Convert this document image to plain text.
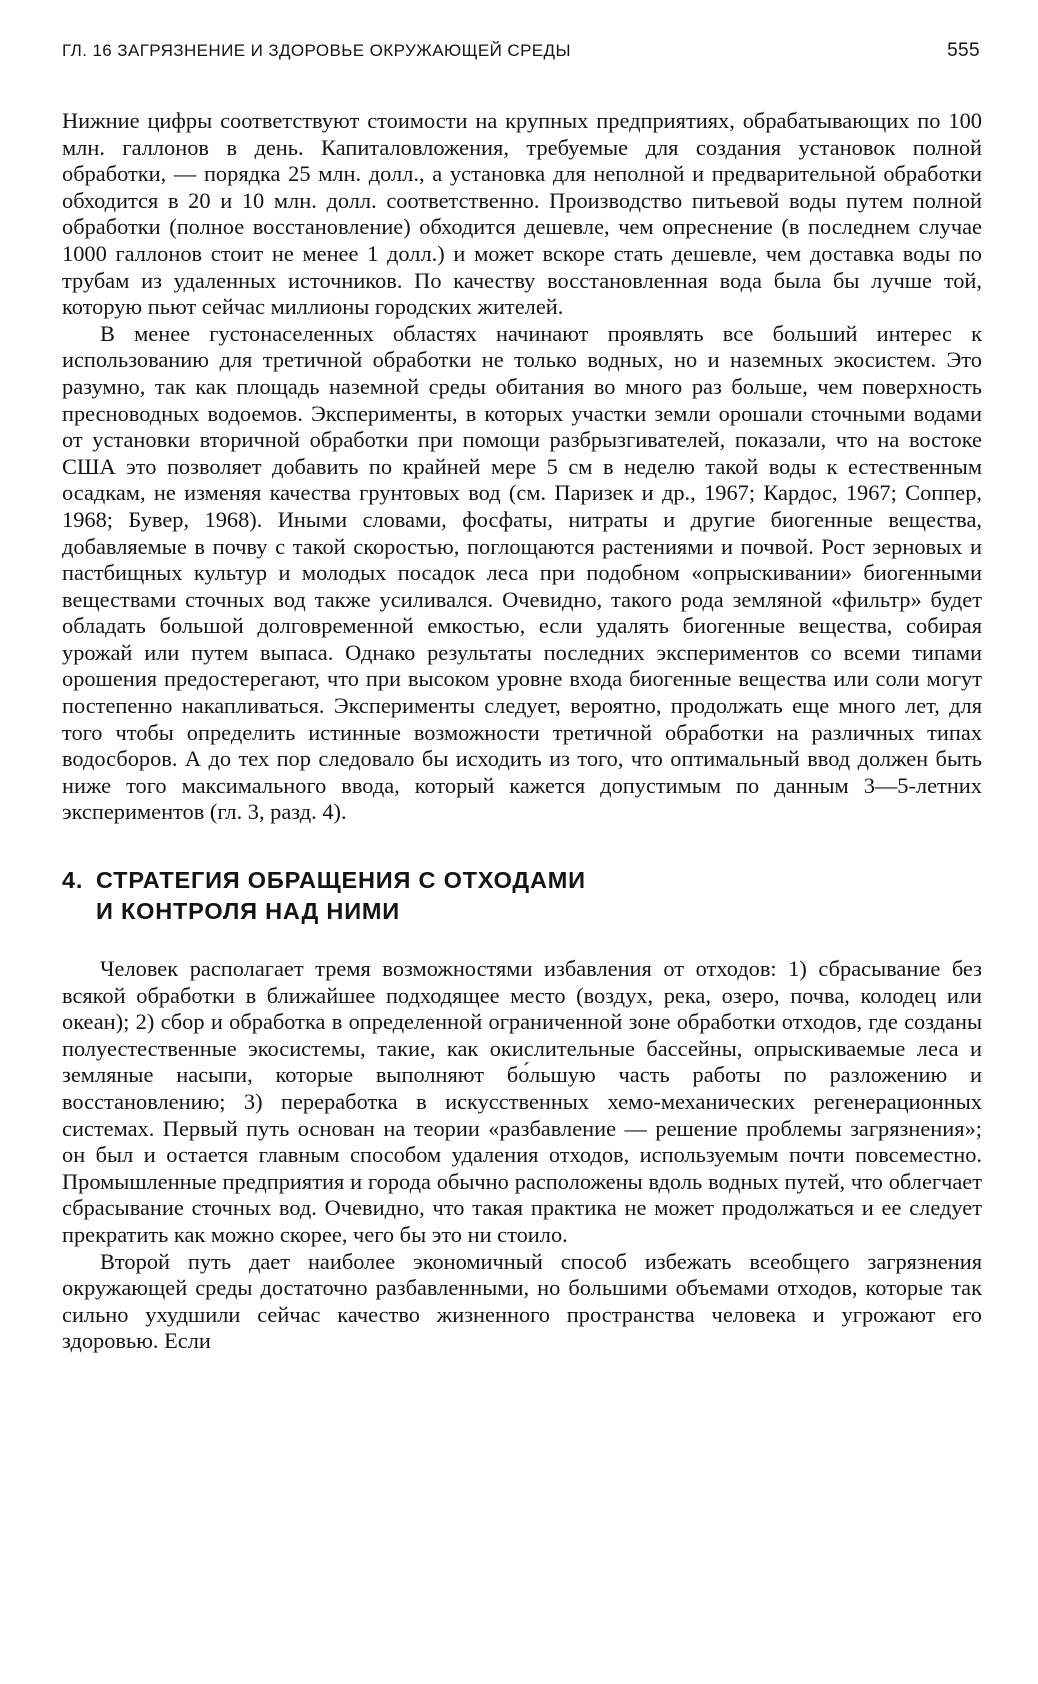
ГЛ. 16 ЗАГРЯЗНЕНИЕ И ЗДОРОВЬЕ ОКРУЖАЮЩЕЙ СРЕДЫ	555

Нижние цифры соответствуют стоимости на крупных предприятиях, обрабатывающих по 100 млн. галлонов в день. Капиталовложения, требуемые для создания установок полной обработки, — порядка 25 млн. долл., а установка для неполной и предварительной обработки обходится в 20 и 10 млн. долл. соответственно. Производство питьевой воды путем полной обработки (полное восстановление) обходится дешевле, чем опреснение (в последнем случае 1000 галлонов стоит не менее 1 долл.) и может вскоре стать дешевле, чем доставка воды по трубам из удаленных источников. По качеству восстановленная вода была бы лучше той, которую пьют сейчас миллионы городских жителей.

В менее густонаселенных областях начинают проявлять все больший интерес к использованию для третичной обработки не только водных, но и наземных экосистем. Это разумно, так как площадь наземной среды обитания во много раз больше, чем поверхность пресноводных водоемов. Эксперименты, в которых участки земли орошали сточными водами от установки вторичной обработки при помощи разбрызгивателей, показали, что на востоке США это позволяет добавить по крайней мере 5 см в неделю такой воды к естественным осадкам, не изменяя качества грунтовых вод (см. Паризек и др., 1967; Кардос, 1967; Соппер, 1968; Бувер, 1968). Иными словами, фосфаты, нитраты и другие биогенные вещества, добавляемые в почву с такой скоростью, поглощаются растениями и почвой. Рост зерновых и пастбищных культур и молодых посадок леса при подобном «опрыскивании» биогенными веществами сточных вод также усиливался. Очевидно, такого рода земляной «фильтр» будет обладать большой долговременной емкостью, если удалять биогенные вещества, собирая урожай или путем выпаса. Однако результаты последних экспериментов со всеми типами орошения предостерегают, что при высоком уровне входа биогенные вещества или соли могут постепенно накапливаться. Эксперименты следует, вероятно, продолжать еще много лет, для того чтобы определить истинные возможности третичной обработки на различных типах водосборов. А до тех пор следовало бы исходить из того, что оптимальный ввод должен быть ниже того максимального ввода, который кажется допустимым по данным 3—5-летних экспериментов (гл. 3, разд. 4).

4. СТРАТЕГИЯ ОБРАЩЕНИЯ С ОТХОДАМИ
И КОНТРОЛЯ НАД НИМИ

Человек располагает тремя возможностями избавления от отходов: 1) сбрасывание без всякой обработки в ближайшее подходящее место (воздух, река, озеро, почва, колодец или океан); 2) сбор и обработка в определенной ограниченной зоне обработки отходов, где созданы полуестественные экосистемы, такие, как окислительные бассейны, опрыскиваемые леса и земляные насыпи, которые выполняют бо́льшую часть работы по разложению и восстановлению; 3) переработка в искусственных хемо-механических регенерационных системах. Первый путь основан на теории «разбавление — решение проблемы загрязнения»; он был и остается главным способом удаления отходов, используемым почти повсеместно. Промышленные предприятия и города обычно расположены вдоль водных путей, что облегчает сбрасывание сточных вод. Очевидно, что такая практика не может продолжаться и ее следует прекратить как можно скорее, чего бы это ни стоило.

Второй путь дает наиболее экономичный способ избежать всеобщего загрязнения окружающей среды достаточно разбавленными, но большими объемами отходов, которые так сильно ухудшили сейчас качество жизненного пространства человека и угрожают его здоровью. Если
